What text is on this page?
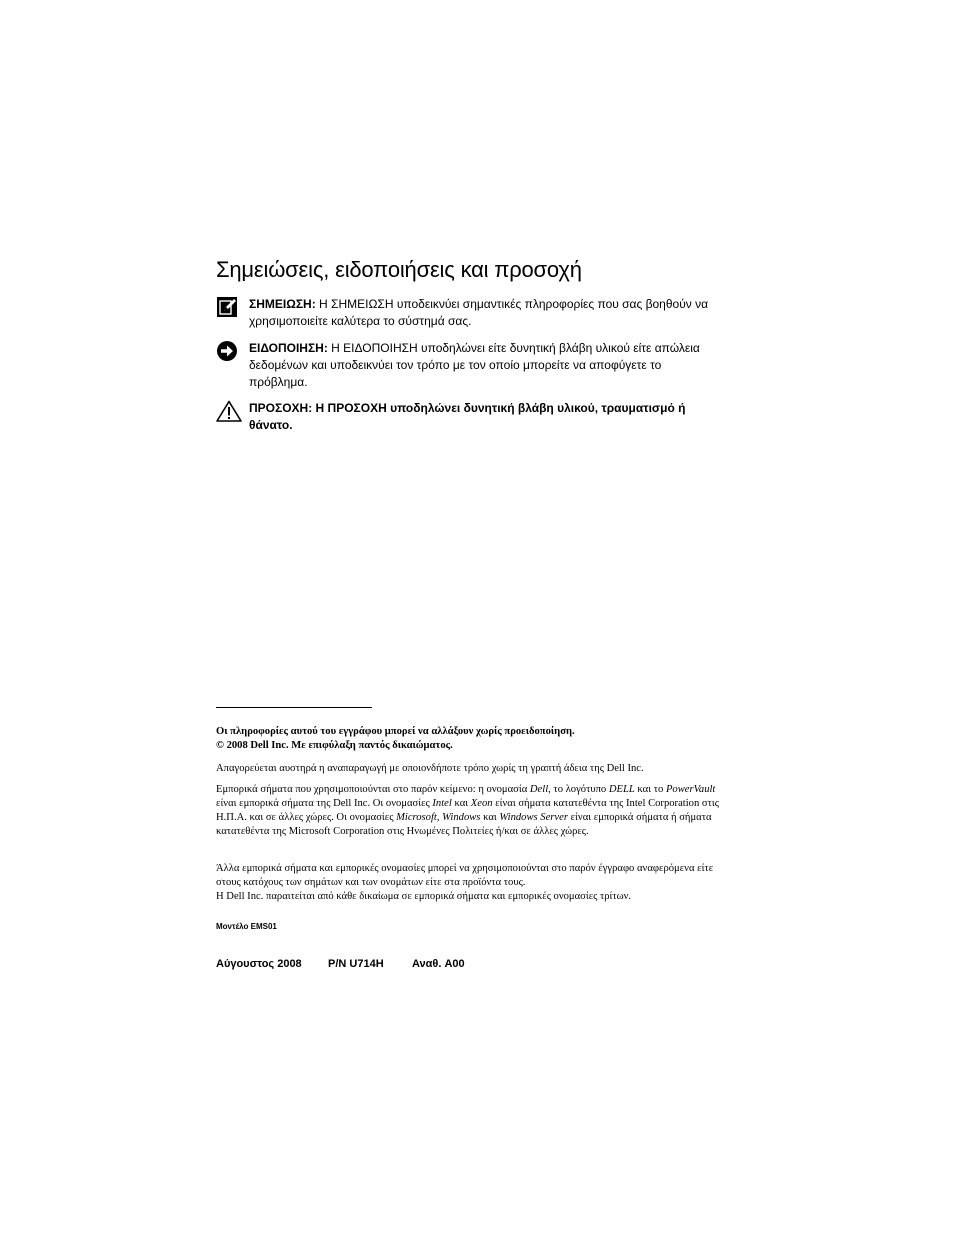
Σημειώσεις, ειδοποιήσεις και προσοχή
ΣΗΜΕΙΩΣΗ: Η ΣΗΜΕΙΩΣΗ υποδεικνύει σημαντικές πληροφορίες που σας βοηθούν να χρησιμοποιείτε καλύτερα το σύστημά σας.
ΕΙΔΟΠΟΙΗΣΗ: Η ΕΙΔΟΠΟΙΗΣΗ υποδηλώνει είτε δυνητική βλάβη υλικού είτε απώλεια δεδομένων και υποδεικνύει τον τρόπο με τον οποίο μπορείτε να αποφύγετε το πρόβλημα.
ΠΡΟΣΟΧΗ: Η ΠΡΟΣΟΧΗ υποδηλώνει δυνητική βλάβη υλικού, τραυματισμό ή θάνατο.

Οι πληροφορίες αυτού του εγγράφου μπορεί να αλλάξουν χωρίς προειδοποίηση.

© 2008 Dell Inc. Με επιφύλαξη παντός δικαιώματος.

Απαγορεύεται αυστηρά η αναπαραγωγή με οποιονδήποτε τρόπο χωρίς τη γραπτή άδεια της Dell Inc.

Εμπορικά σήματα που χρησιμοποιούνται στο παρόν κείμενο: η ονομασία Dell, το λογότυπο DELL και το PowerVault είναι εμπορικά σήματα της Dell Inc. Οι ονομασίες Intel και Xeon είναι σήματα κατατεθέντα της Intel Corporation στις Η.Π.Α. και σε άλλες χώρες. Οι ονομασίες Microsoft, Windows και Windows Server είναι εμπορικά σήματα ή σήματα κατατεθέντα της Microsoft Corporation στις Ηνωμένες Πολιτείες ή/και σε άλλες χώρες.

Άλλα εμπορικά σήματα και εμπορικές ονομασίες μπορεί να χρησιμοποιούνται στο παρόν έγγραφο αναφερόμενα είτε στους κατόχους των σημάτων και των ονομάτων είτε στα προϊόντα τους.

Η Dell Inc. παραιτείται από κάθε δικαίωμα σε εμπορικά σήματα και εμπορικές ονομασίες τρίτων.

Μοντέλο EMS01
Αύγουστος 2008 P/N U714H	Αναθ. A00
